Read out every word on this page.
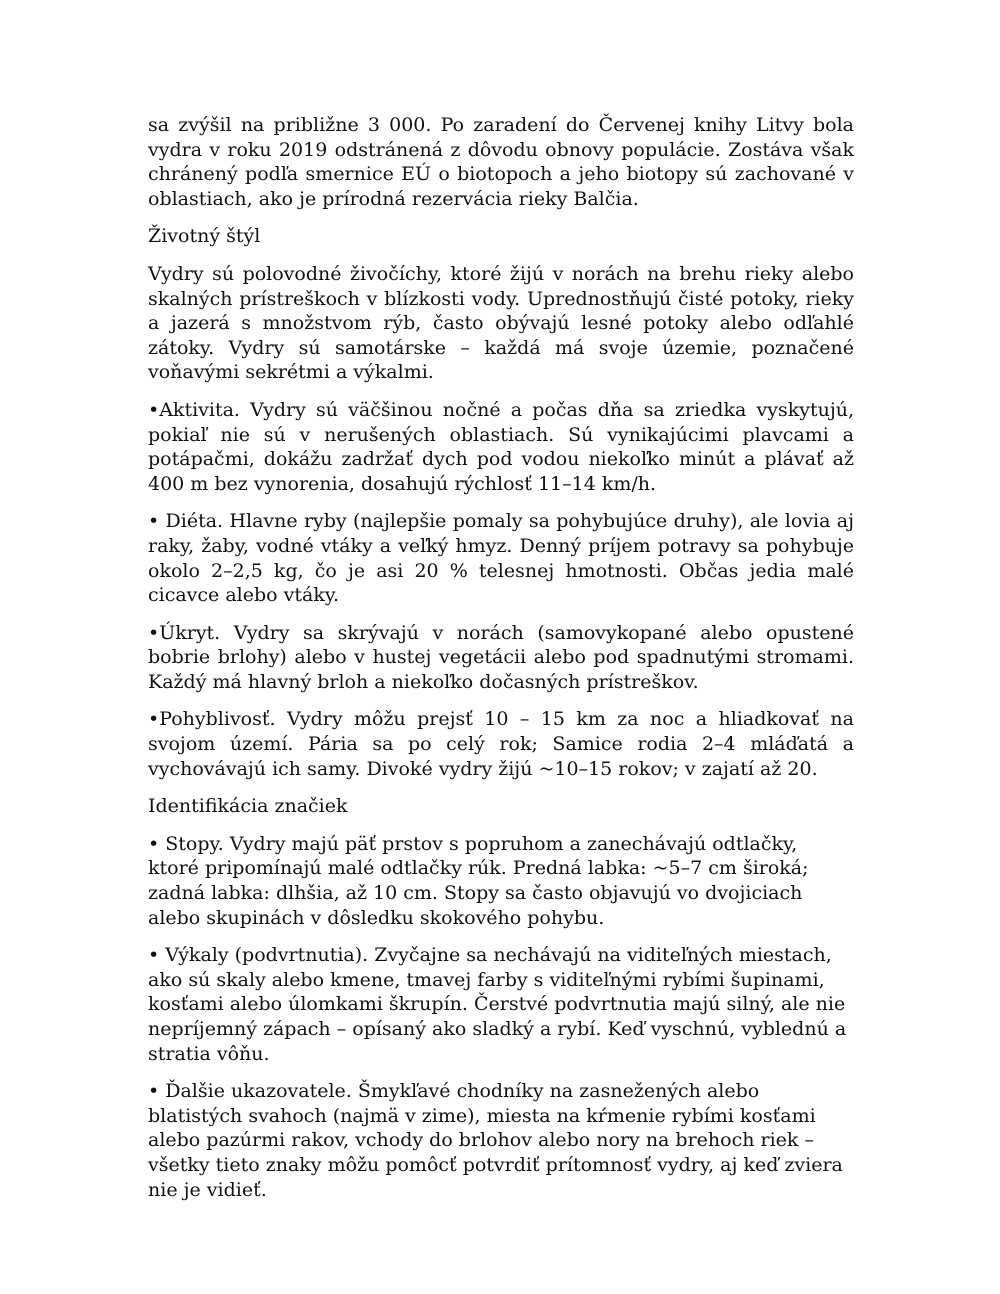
sa zvýšil na približne 3 000. Po zaradení do Červenej knihy Litvy bola vydra v roku 2019 odstránená z dôvodu obnovy populácie. Zostáva však chránený podľa smernice EÚ o biotopoch a jeho biotopy sú zachované v oblastiach, ako je prírodná rezervácia rieky Balčia.

Životný štýl

Vydry sú polovodné živočíchy, ktoré žijú v norách na brehu rieky alebo skalných prístreškoch v blízkosti vody. Uprednostňujú čisté potoky, rieky a jazerá s množstvom rýb, často obývajú lesné potoky alebo odľahlé zátoky. Vydry sú samotárske – každá má svoje územie, poznačené voňavými sekrétmi a výkalmi.

•Aktivita. Vydry sú väčšinou nočné a počas dňa sa zriedka vyskytujú, pokiaľ nie sú v nerušených oblastiach. Sú vynikajúcimi plavcami a potápačmi, dokážu zadržať dych pod vodou niekoľko minút a plávať až 400 m bez vynorenia, dosahujú rýchlosť 11–14 km/h.

• Diéta. Hlavne ryby (najlepšie pomaly sa pohybujúce druhy), ale lovia aj raky, žaby, vodné vtáky a veľký hmyz. Denný príjem potravy sa pohybuje okolo 2–2,5 kg, čo je asi 20 % telesnej hmotnosti. Občas jedia malé cicavce alebo vtáky.

•Úkryt. Vydry sa skrývajú v norách (samovykopané alebo opustené bobrie brlohy) alebo v hustej vegetácii alebo pod spadnutými stromami. Každý má hlavný brloh a niekoľko dočasných prístreškov.

•Pohyblivosť. Vydry môžu prejsť 10 – 15 km za noc a hliadkovať na svojom území. Pária sa po celý rok; Samice rodia 2–4 mláďatá a vychovávajú ich samy. Divoké vydry žijú ~10–15 rokov; v zajatí až 20.

Identifikácia značiek

• Stopy. Vydry majú päť prstov s popruhom a zanechávajú odtlačky, ktoré pripomínajú malé odtlačky rúk. Predná labka: ~5–7 cm široká; zadná labka: dlhšia, až 10 cm. Stopy sa často objavujú vo dvojiciach alebo skupinách v dôsledku skokového pohybu.

• Výkaly (podvrtnutia). Zvyčajne sa nechávajú na viditeľných miestach, ako sú skaly alebo kmene, tmavej farby s viditeľnými rybími šupinami, kosťami alebo úlomkami škrupín. Čerstvé podvrtnutia majú silný, ale nie nepríjemný zápach – opísaný ako sladký a rybí. Keď vyschnú, vyblednú a stratia vôňu.

• Ďalšie ukazovatele. Šmykľavé chodníky na zasnežených alebo blatistých svahoch (najmä v zime), miesta na kŕmenie rybími kosťami alebo pazúrmi rakov, vchody do brlohov alebo nory na brehoch riek – všetky tieto znaky môžu pomôcť potvrdiť prítomnosť vydry, aj keď zviera nie je vidieť.
